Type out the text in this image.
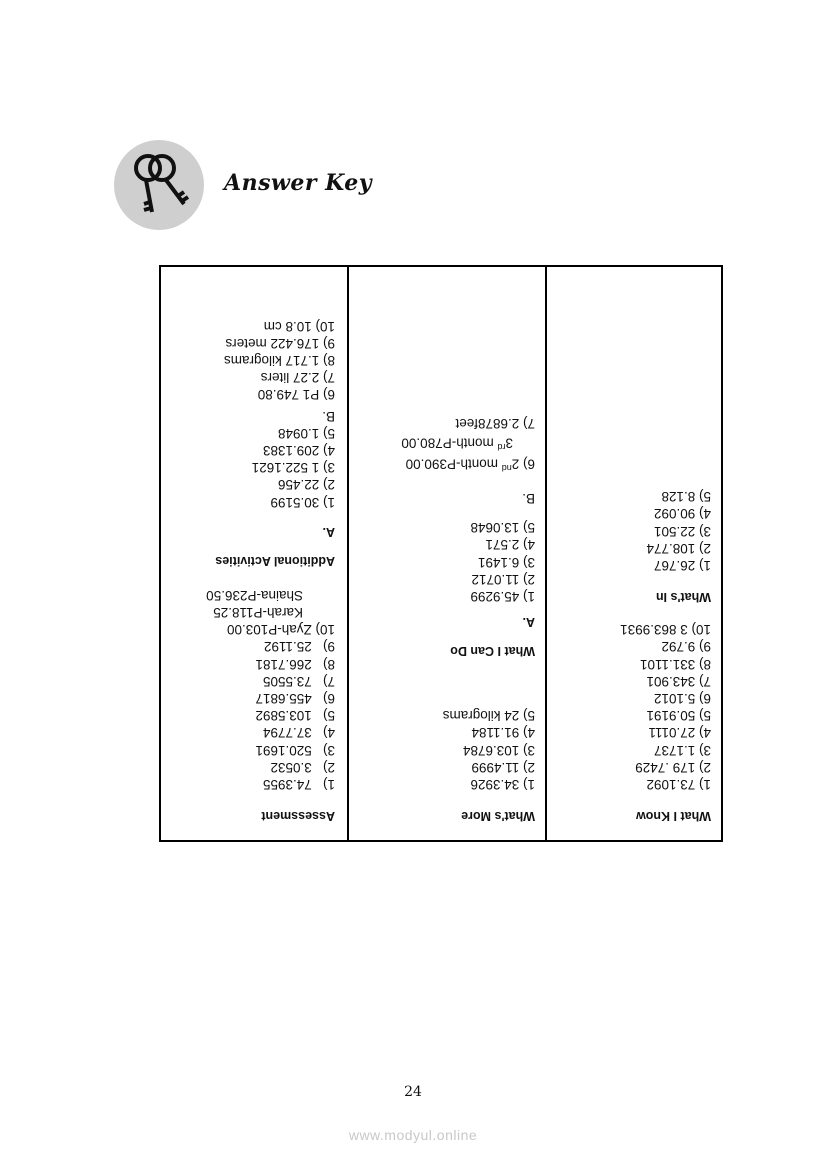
Answer Key
Assessment
1)   74.3955
2)   3.0532
3)   520.1691
4)   37.7794
5)   103.5892
6)   455.6817
7)   73.5505
8)   266.7181
9)   25.1192
10) Zyah-P103.00
Karah-P118.25
Shaina-P236.50
Additional Activities
A.
1) 30.5199
2) 22.456
3) 1 522.1621
4) 209.1383
5) 1.0948
B.
6) P1 749.80
7) 2.27 liters
8) 1.717 kilograms
9) 176.422 meters
10) 10.8 cm
What's More
1) 34.3926
2) 11.4999
3) 103.6784
4) 91.1184
5) 24 kilograms
What I Can Do
A.
1) 45.9299
2) 11.0712
3) 6.1491
4) 2.571
5) 13.0648
B.
6) 2nd month-P390.00
3rd month-P780.00
7) 2.6878feet
What I Know
1) 73.1092
2) 179 .7429
3) 1.1737
4) 27.0111
5) 50.9191
6) 5.1012
7) 343.901
8) 331.1101
9) 9.792
10) 3 863.9931
What's In
1) 26.767
2) 108.774
3) 22.501
4) 90.092
5) 8.128
24
www.modyul.online
